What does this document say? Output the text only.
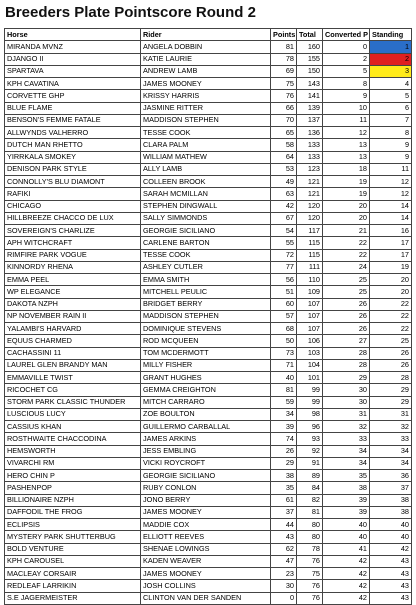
Breeders Plate Pointscore Round 2
Horse	Rider	Points	Total	Converted P	Standing
MIRANDA MVNZ	ANGELA DOBBIN	81	160	0	1
DJANGO II	KATIE LAURIE	78	155	2	2
SPARTAVA	ANDREW LAMB	69	150	5	3
KPH CAVATINA	JAMES MOONEY	75	143	8	4
CORVETTE GHP	KRISSY HARRIS	76	141	9	5
BLUE FLAME	JASMINE RITTER	66	139	10	6
BENSON'S FEMME FATALE	MADDISON STEPHEN	70	137	11	7
ALLWYNDS VALHERRO	TESSE COOK	65	136	12	8
DUTCH MAN RHETTO	CLARA PALM	58	133	13	9
YIRRKALA SMOKEY	WILLIAM MATHEW	64	133	13	9
DENISON PARK STYLE	ALLY LAMB	53	123	18	11
CONNOLLY'S BLU DIAMONT	COLLEEN BROOK	49	121	19	12
RAFIKI	SARAH MCMILLAN	63	121	19	12
CHICAGO	STEPHEN DINGWALL	42	120	20	14
HILLBREEZE CHACCO DE LUX	SALLY SIMMONDS	67	120	20	14
SOVEREIGN'S CHARLIZE	GEORGIE SICILIANO	54	117	21	16
APH WITCHCRAFT	CARLENE BARTON	55	115	22	17
RIMFIRE PARK VOGUE	TESSE COOK	72	115	22	17
KINNORDY RHENA	ASHLEY CUTLER	77	111	24	19
EMMA PEEL	EMMA SMITH	56	110	25	20
WP ELEGANCE	MITCHELL PEULIC	51	109	25	20
DAKOTA NZPH	BRIDGET BERRY	60	107	26	22
NP NOVEMBER RAIN II	MADDISON STEPHEN	57	107	26	22
YALAMBI'S HARVARD	DOMINIQUE STEVENS	68	107	26	22
EQUUS CHARMED	ROD MCQUEEN	50	106	27	25
CACHASSINI 11	TOM MCDERMOTT	73	103	28	26
LAUREL GLEN BRANDY MAN	MILLY FISHER	71	104	28	26
EMMAVILLE TWIST	GRANT HUGHES	40	101	29	28
RICOCHET CG	GEMMA CREIGHTON	81	99	30	29
STORM PARK CLASSIC THUNDER	MITCH CARRARO	59	99	30	29
LUSCIOUS LUCY	ZOE BOULTON	34	98	31	31
CASSIUS KHAN	GUILLERMO CARBALLAL	39	96	32	32
ROSTHWAITE CHACCODINA	JAMES ARKINS	74	93	33	33
HEMSWORTH	JESS EMBLING	26	92	34	34
VIVARCHI RM	VICKI ROYCROFT	29	91	34	34
HERO CHIN P	GEORGIE SICILIANO	38	89	35	36
PASHENPOP	RUBY CONLON	35	84	38	37
BILLIONAIRE NZPH	JONO BERRY	61	82	39	38
DAFFODIL THE FROG	JAMES MOONEY	37	81	39	38
ECLIPSIS	MADDIE COX	44	80	40	40
MYSTERY PARK SHUTTERBUG	ELLIOTT REEVES	43	80	40	40
BOLD VENTURE	SHENAE LOWINGS	62	78	41	42
KPH CAROUSEL	KADEN WEAVER	47	76	42	43
MACLEAY CORSAIR	JAMES MOONEY	23	75	42	43
REDLEAF LARRIKIN	JOSH COLLINS	30	76	42	43
S.E JAGERMEISTER	CLINTON VAN DER SANDEN	0	76	42	43
